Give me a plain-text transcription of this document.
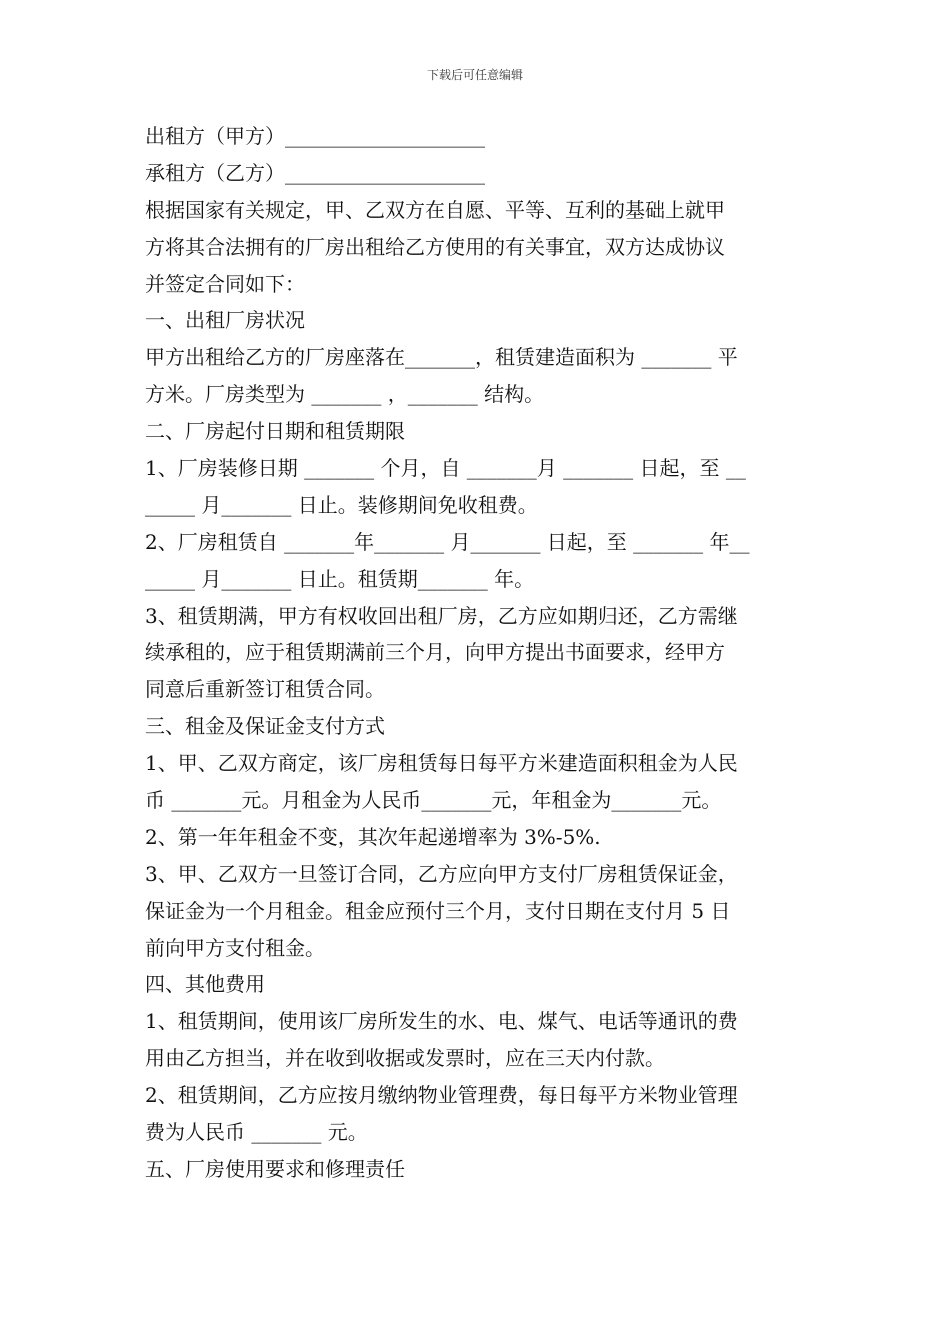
下载后可任意编辑
出租方（甲方）____________________
承租方（乙方）____________________
根据国家有关规定，甲、乙双方在自愿、平等、互利的基础上就甲
方将其合法拥有的厂房出租给乙方使用的有关事宜，双方达成协议
并签定合同如下：
一、出租厂房状况
甲方出租给乙方的厂房座落在_______，租赁建造面积为 _______ 平
方米。厂房类型为 _______ ，_______ 结构。
二、厂房起付日期和租赁期限
1、厂房装修日期 _______ 个月，自 _______月 _______ 日起，至 __
_____ 月_______ 日止。装修期间免收租费。
2、厂房租赁自 _______年_______ 月_______ 日起，至 _______ 年__
_____ 月_______ 日止。租赁期_______ 年。
3、租赁期满，甲方有权收回出租厂房，乙方应如期归还，乙方需继
续承租的，应于租赁期满前三个月，向甲方提出书面要求，经甲方
同意后重新签订租赁合同。
三、租金及保证金支付方式
1、甲、乙双方商定，该厂房租赁每日每平方米建造面积租金为人民
币 _______元。月租金为人民币_______元，年租金为_______元。
2、第一年年租金不变，其次年起递增率为 3%-5%.
3、甲、乙双方一旦签订合同，乙方应向甲方支付厂房租赁保证金，
保证金为一个月租金。租金应预付三个月，支付日期在支付月 5 日
前向甲方支付租金。
四、其他费用
1、租赁期间，使用该厂房所发生的水、电、煤气、电话等通讯的费
用由乙方担当，并在收到收据或发票时，应在三天内付款。
2、租赁期间，乙方应按月缴纳物业管理费，每日每平方米物业管理
费为人民币 _______ 元。
五、厂房使用要求和修理责任
